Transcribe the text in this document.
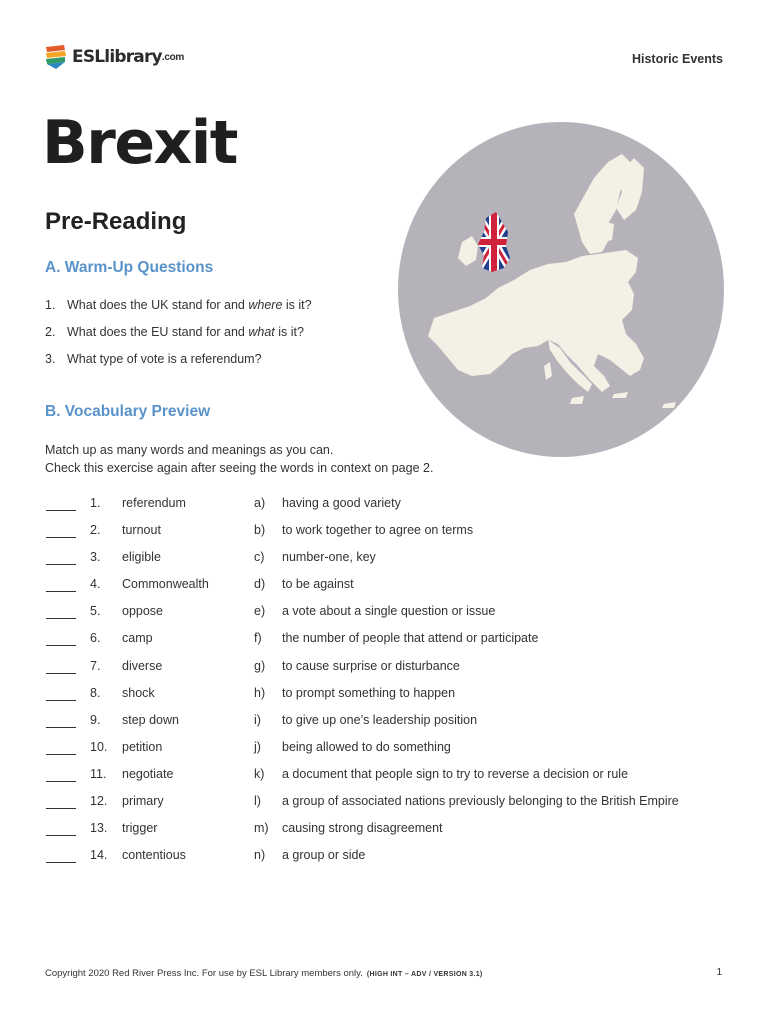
ESLlibrary .com	Historic Events
Brexit
Pre-Reading
A. Warm-Up Questions
1. What does the UK stand for and where is it?
2. What does the EU stand for and what is it?
3. What type of vote is a referendum?
B. Vocabulary Preview
Match up as many words and meanings as you can.
Check this exercise again after seeing the words in context on page 2.
1. referendum	a) having a good variety
2. turnout	b) to work together to agree on terms
3. eligible	c) number-one, key
4. Commonwealth	d) to be against
5. oppose	e) a vote about a single question or issue
6. camp	f) the number of people that attend or participate
7. diverse	g) to cause surprise or disturbance
8. shock	h) to prompt something to happen
9. step down	i) to give up one’s leadership position
10. petition	j) being allowed to do something
11. negotiate	k) a document that people sign to try to reverse a decision or rule
12. primary	l) a group of associated nations previously belonging to the British Empire
13. trigger	m) causing strong disagreement
14. contentious	n) a group or side
Copyright 2020 Red River Press Inc. For use by ESL Library members only. (HIGH INT – ADV / VERSION 3.1)	1
